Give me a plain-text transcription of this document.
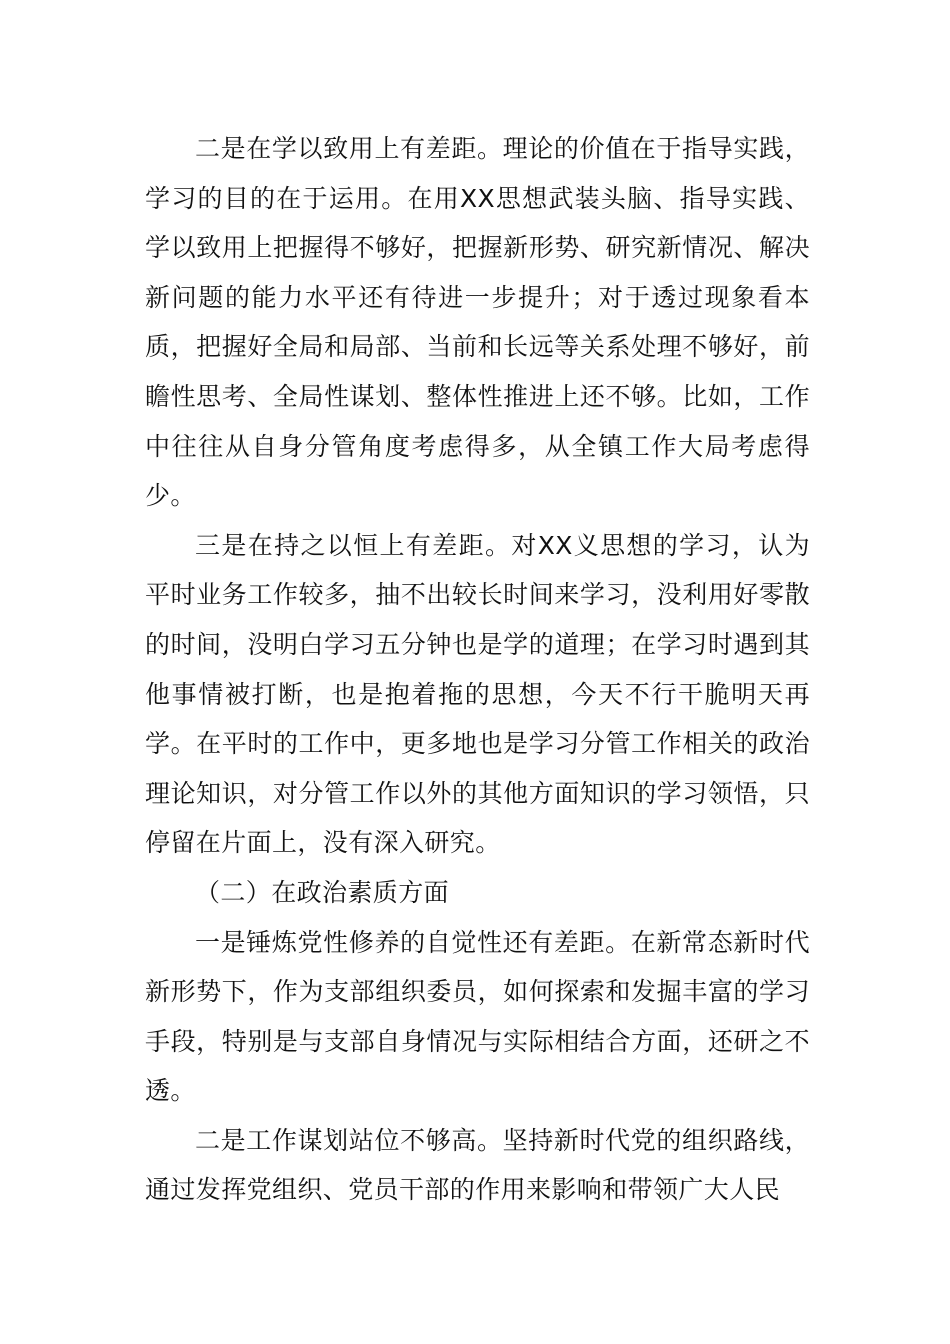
二是在学以致用上有差距。理论的价值在于指导实践，学习的目的在于运用。在用XX思想武装头脑、指导实践、学以致用上把握得不够好，把握新形势、研究新情况、解决新问题的能力水平还有待进一步提升；对于透过现象看本质，把握好全局和局部、当前和长远等关系处理不够好，前瞻性思考、全局性谋划、整体性推进上还不够。比如，工作中往往从自身分管角度考虑得多，从全镇工作大局考虑得少。

三是在持之以恒上有差距。对XX义思想的学习，认为平时业务工作较多，抽不出较长时间来学习，没利用好零散的时间，没明白学习五分钟也是学的道理；在学习时遇到其他事情被打断，也是抱着拖的思想，今天不行干脆明天再学。在平时的工作中，更多地也是学习分管工作相关的政治理论知识，对分管工作以外的其他方面知识的学习领悟，只停留在片面上，没有深入研究。

（二）在政治素质方面

一是锤炼党性修养的自觉性还有差距。在新常态新时代新形势下，作为支部组织委员，如何探索和发掘丰富的学习手段，特别是与支部自身情况与实际相结合方面，还研之不透。

二是工作谋划站位不够高。坚持新时代党的组织路线，通过发挥党组织、党员干部的作用来影响和带领广大人民
